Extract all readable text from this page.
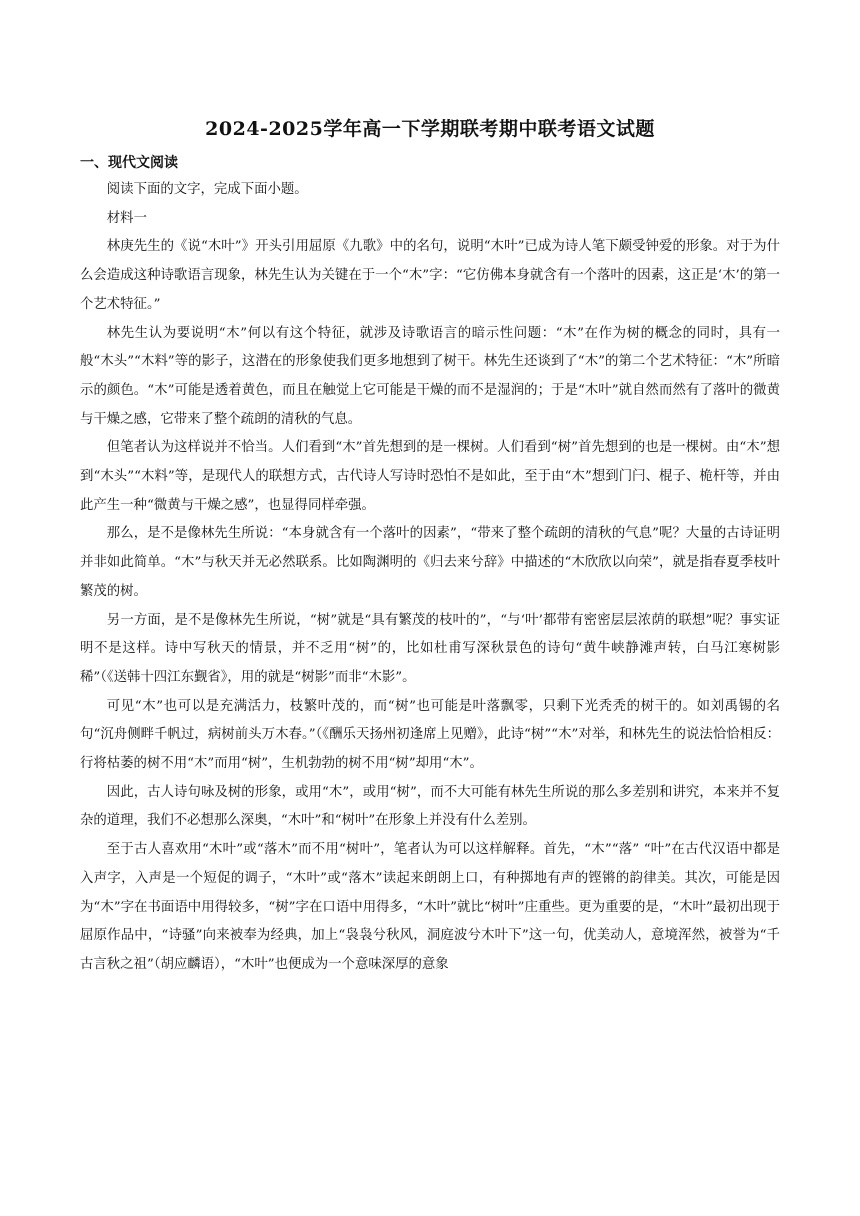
2024-2025学年高一下学期联考期中联考语文试题
一、现代文阅读

阅读下面的文字，完成下面小题。

材料一

林庚先生的《说“木叶”》开头引用屈原《九歌》中的名句，说明“木叶”已成为诗人笔下颇受钟爱的形象。对于为什么会造成这种诗歌语言现象，林先生认为关键在于一个“木”字：“它仿佛本身就含有一个落叶的因素，这正是‘木’的第一个艺术特征。”

林先生认为要说明“木”何以有这个特征，就涉及诗歌语言的暗示性问题：“木”在作为树的概念的同时，具有一般“木头”“木料”等的影子，这潜在的形象使我们更多地想到了树干。林先生还谈到了“木”的第二个艺术特征：“木”所暗示的颜色。“木”可能是透着黄色，而且在触觉上它可能是干燥的而不是湿润的；于是“木叶”就自然而然有了落叶的微黄与干燥之感，它带来了整个疏朗的清秋的气息。

但笔者认为这样说并不恰当。人们看到“木”首先想到的是一棵树。人们看到“树”首先想到的也是一棵树。由“木”想到“木头”“木料”等，是现代人的联想方式，古代诗人写诗时恐怕不是如此，至于由“木”想到门闩、棍子、桅杆等，并由此产生一种“微黄与干燥之感”，也显得同样牵强。

那么，是不是像林先生所说：“本身就含有一个落叶的因素”，“带来了整个疏朗的清秋的气息”呢？大量的古诗证明并非如此简单。“木”与秋天并无必然联系。比如陶渊明的《归去来兮辞》中描述的“木欣欣以向荣”，就是指春夏季枝叶繁茂的树。

另一方面，是不是像林先生所说，“树”就是“具有繁茂的枝叶的”，“与‘叶’都带有密密层层浓荫的联想”呢？事实证明不是这样。诗中写秋天的情景，并不乏用“树”的，比如杜甫写深秋景色的诗句“黄牛峡静滩声转，白马江寒树影稀”（《送韩十四江东觐省》，用的就是“树影”而非“木影”。

可见“木”也可以是充满活力，枝繁叶茂的，而“树”也可能是叶落飘零，只剩下光秃秃的树干的。如刘禹锡的名句“沉舟侧畔千帆过，病树前头万木春。”（《酬乐天扬州初逢席上见赠》，此诗“树”“木”对举，和林先生的说法恰恰相反：行将枯萎的树不用“木”而用“树”，生机勃勃的树不用“树”却用“木”。

因此，古人诗句咏及树的形象，或用“木”，或用“树”，而不大可能有林先生所说的那么多差别和讲究，本来并不复杂的道理，我们不必想那么深奥，“木叶”和“树叶”在形象上并没有什么差别。

至于古人喜欢用“木叶”或“落木”而不用“树叶”，笔者认为可以这样解释。首先，“木”“落” “叶”在古代汉语中都是入声字，入声是一个短促的调子，“木叶”或“落木”读起来朗朗上口，有种掷地有声的铿锵的韵律美。其次，可能是因为“木”字在书面语中用得较多，“树”字在口语中用得多，“木叶”就比“树叶”庄重些。更为重要的是，“木叶”最初出现于屈原作品中，“诗骚”向来被奉为经典，加上“袅袅兮秋风，洞庭波兮木叶下”这一句，优美动人，意境浑然，被誉为“千古言秋之祖”（胡应麟语），“木叶”也便成为一个意味深厚的意象
